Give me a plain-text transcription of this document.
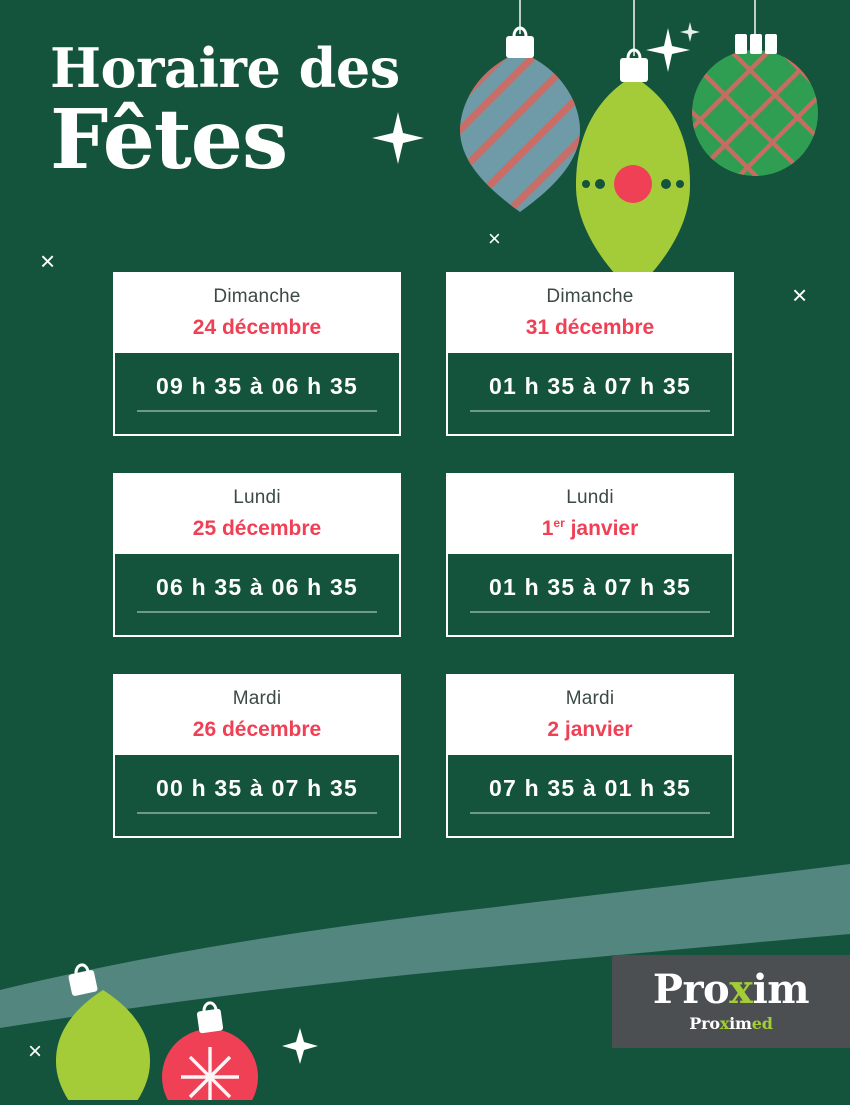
×
×
×
×
Horaire des
Fêtes
Dimanche
24 décembre
09 h 35 à 06 h 35
Dimanche
31 décembre
01 h 35 à 07 h 35
Lundi
25 décembre
06 h 35 à 06 h 35
Lundi
1er janvier
01 h 35 à 07 h 35
Mardi
26 décembre
00 h 35 à 07 h 35
Mardi
2 janvier
07 h 35 à 01 h 35
Proxim
Proximed
